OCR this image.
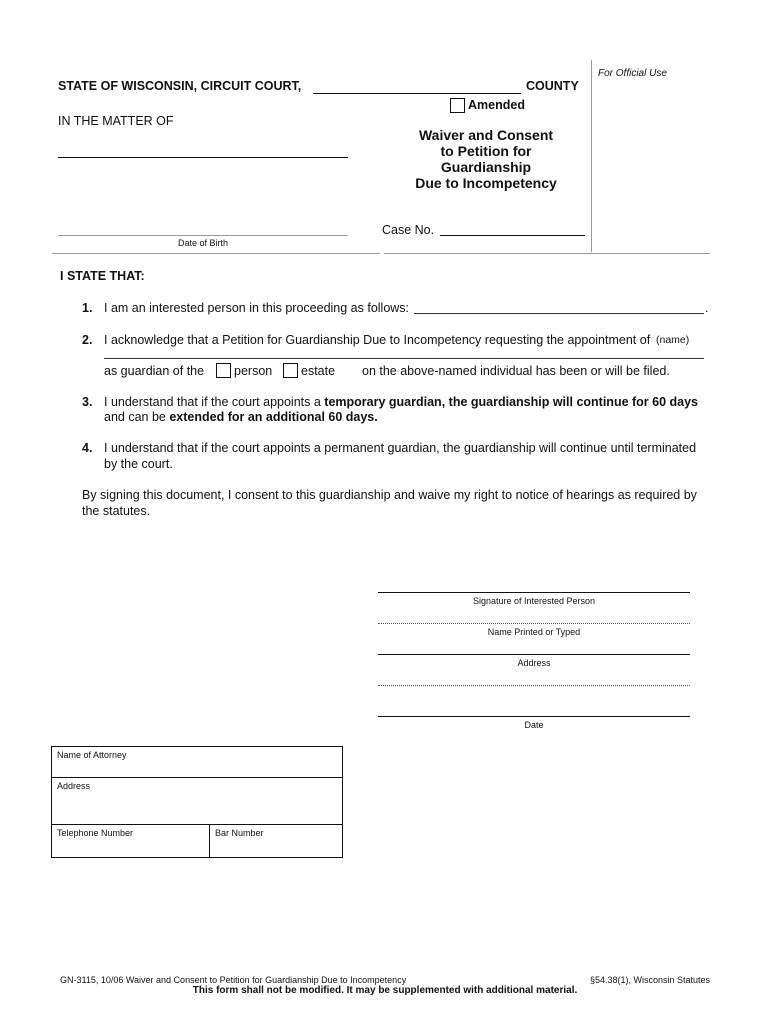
For Official Use
STATE OF WISCONSIN, CIRCUIT COURT,	COUNTY
Amended
IN THE MATTER OF
Waiver and Consent
to Petition for
Guardianship
Due to Incompetency
Date of Birth
Case No.
I STATE THAT:
1. I am an interested person in this proceeding as follows:	.
2. I acknowledge that a Petition for Guardianship Due to Incompetency requesting the appointment of (name)
as guardian of the person estate on the above-named individual has been or will be filed.
3. I understand that if the court appoints a temporary guardian, the guardianship will continue for 60 days
and can be extended for an additional 60 days.
4. I understand that if the court appoints a permanent guardian, the guardianship will continue until terminated
by the court.
By signing this document, I consent to this guardianship and waive my right to notice of hearings as required by
the statutes.
Signature of Interested Person
Name Printed or Typed
Address
Date
Name of Attorney
Address
Telephone Number	Bar Number
GN-3115, 10/06 Waiver and Consent to Petition for Guardianship Due to Incompetency	§54.38(1), Wisconsin Statutes
This form shall not be modified. It may be supplemented with additional material.
